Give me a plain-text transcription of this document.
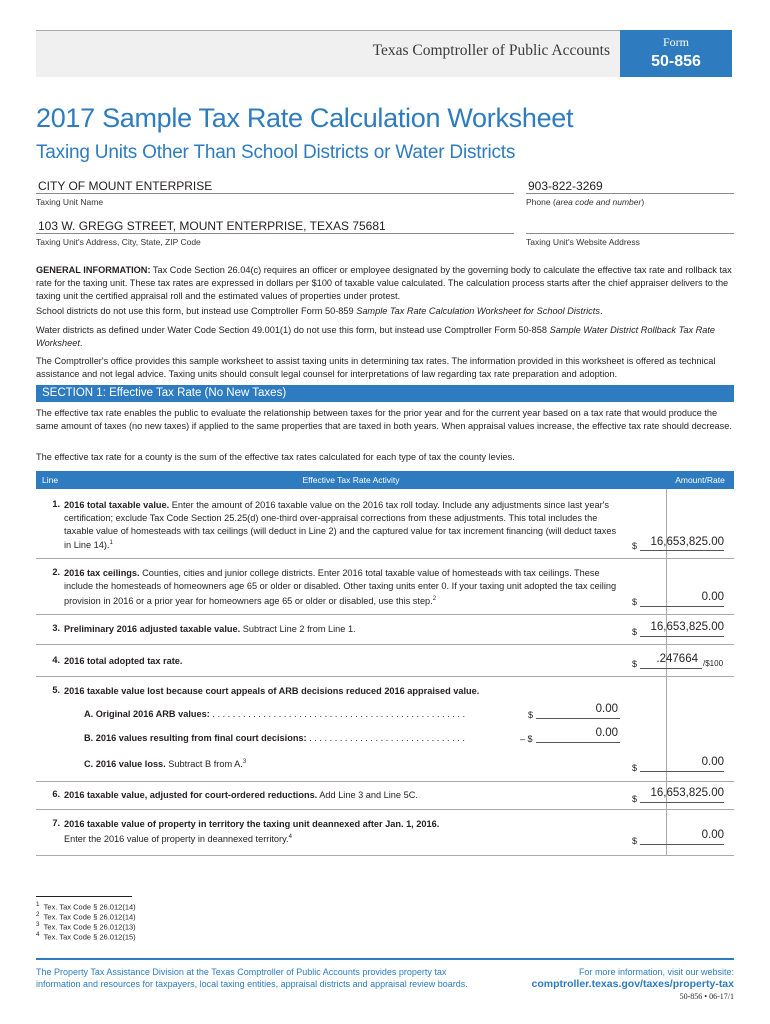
Texas Comptroller of Public Accounts	Form
50-856
2017 Sample Tax Rate Calculation Worksheet
Taxing Units Other Than School Districts or Water Districts
CITY OF MOUNT ENTERPRISE
Taxing Unit Name
903-822-3269
Phone (area code and number)
103 W. GREGG STREET, MOUNT ENTERPRISE, TEXAS 75681
Taxing Unit's Address, City, State, ZIP Code	Taxing Unit's Website Address
GENERAL INFORMATION: Tax Code Section 26.04(c) requires an officer or employee designated by the governing body to calculate the effective tax rate and rollback tax rate for the taxing unit. These tax rates are expressed in dollars per $100 of taxable value calculated. The calculation process starts after the chief appraiser delivers to the taxing unit the certified appraisal roll and the estimated values of properties under protest.
School districts do not use this form, but instead use Comptroller Form 50-859 Sample Tax Rate Calculation Worksheet for School Districts.
Water districts as defined under Water Code Section 49.001(1) do not use this form, but instead use Comptroller Form 50-858 Sample Water District Rollback Tax Rate Worksheet.
The Comptroller's office provides this sample worksheet to assist taxing units in determining tax rates. The information provided in this worksheet is offered as technical assistance and not legal advice. Taxing units should consult legal counsel for interpretations of law regarding tax rate preparation and adoption.
SECTION 1: Effective Tax Rate (No New Taxes)
The effective tax rate enables the public to evaluate the relationship between taxes for the prior year and for the current year based on a tax rate that would produce the same amount of taxes (no new taxes) if applied to the same properties that are taxed in both years. When appraisal values increase, the effective tax rate should decrease.
The effective tax rate for a county is the sum of the effective tax rates calculated for each type of tax the county levies.
Line	Effective Tax Rate Activity	Amount/Rate
1. 2016 total taxable value. Enter the amount of 2016 taxable value on the 2016 tax roll today. Include any adjustments since last year's certification; exclude Tax Code Section 25.25(d) one-third over-appraisal corrections from these adjustments. This total includes the taxable value of homesteads with tax ceilings (will deduct in Line 2) and the captured value for tax increment financing (will deduct taxes in Line 14).$^1$	$	16,653,825.00
2. 2016 tax ceilings. Counties, cities and junior college districts. Enter 2016 total taxable value of homesteads with tax ceilings. These include the homesteads of homeowners age 65 or older or disabled. Other taxing units enter 0. If your taxing unit adopted the tax ceiling provision in 2016 or a prior year for homeowners age 65 or older or disabled, use this step.$^2$	$	0.00
3. Preliminary 2016 adjusted taxable value. Subtract Line 2 from Line 1.	$	16,653,825.00
4. 2016 total adopted tax rate.	$	.247664 /$100
5. 2016 taxable value lost because court appeals of ARB decisions reduced 2016 appraised value.
A. Original 2016 ARB values: . . . . . . . . . . . . . . . . . . . . . . . . . . . . . . . . . . . . . . . . . . . . . . . . . .	$	0.00
B. 2016 values resulting from final court decisions: . . . . . . . . . . . . . . . . . . . . . . . . . . . . . . .	– $	0.00
C. 2016 value loss. Subtract B from A.$^3$
$	0.00
6. 2016 taxable value, adjusted for court-ordered reductions. Add Line 3 and Line 5C.	$	16,653,825.00
7. 2016 taxable value of property in territory the taxing unit deannexed after Jan. 1, 2016.
Enter the 2016 value of property in deannexed territory.$^4$	$	0.00
$^1$ Tex. Tax Code § 26.012(14)
$^2$ Tex. Tax Code § 26.012(14)
$^3$ Tex. Tax Code § 26.012(13)
$^4$ Tex. Tax Code § 26.012(15)
The Property Tax Assistance Division at the Texas Comptroller of Public Accounts provides property tax
information and resources for taxpayers, local taxing entities, appraisal districts and appraisal review boards.
For more information, visit our website:
comptroller.texas.gov/taxes/property-tax
50-856 • 06-17/1
